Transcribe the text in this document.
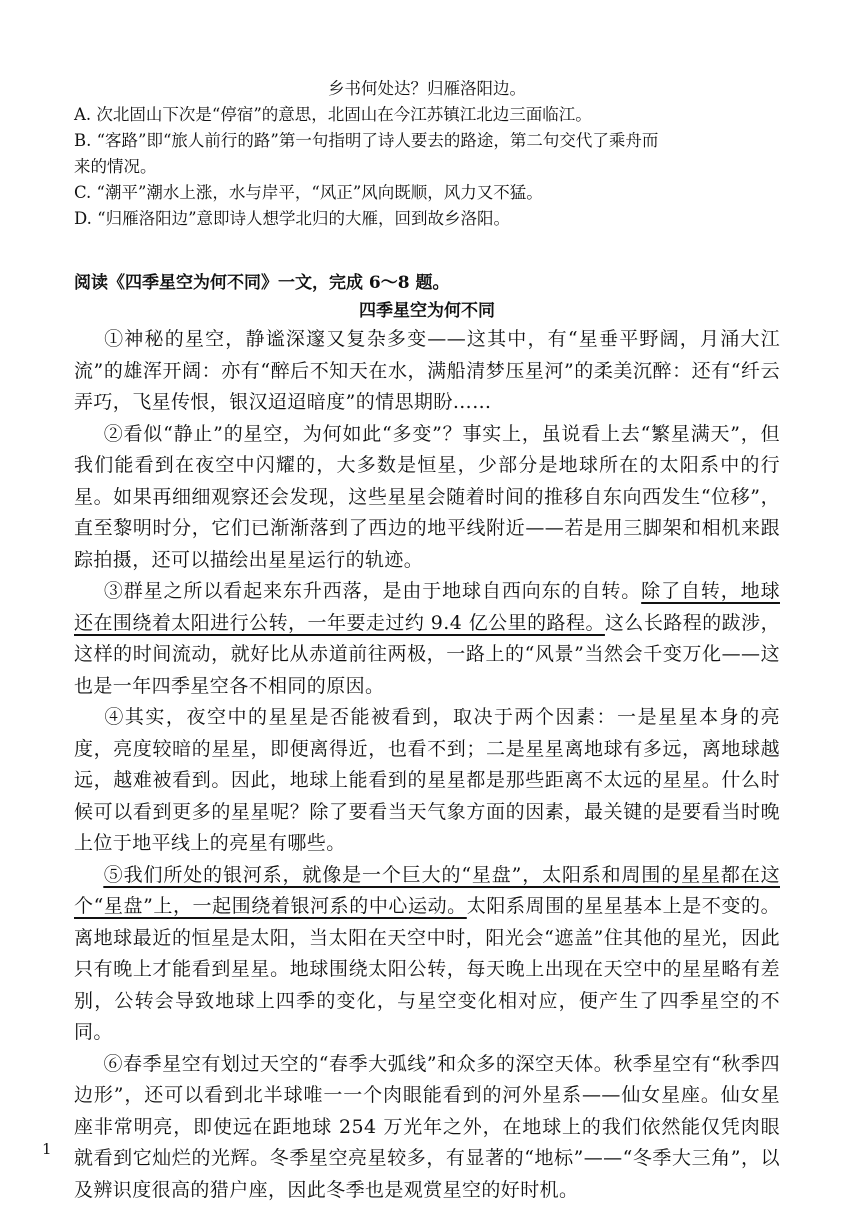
乡书何处达？归雁洛阳边。
A. 次北固山下次是“停宿”的意思，北固山在今江苏镇江北边三面临江。
B. “客路”即“旅人前行的路”第一句指明了诗人要去的路途，第二句交代了乘舟而
来的情况。
C. “潮平”潮水上涨，水与岸平，“风正”风向既顺，风力又不猛。
D. “归雁洛阳边”意即诗人想学北归的大雁，回到故乡洛阳。
阅读《四季星空为何不同》一文，完成 6～8 题。
四季星空为何不同

  ①神秘的星空，静谧深邃又复杂多变——这其中，有“星垂平野阔，月涌大江流”的雄浑开阔：亦有“醉后不知天在水，满船清梦压星河”的柔美沉醉：还有“纤云弄巧，飞星传恨，银汉迢迢暗度”的情思期盼……

  ②看似“静止”的星空，为何如此“多变”？事实上，虽说看上去“繁星满天”，但我们能看到在夜空中闪耀的，大多数是恒星，少部分是地球所在的太阳系中的行星。如果再细细观察还会发现，这些星星会随着时间的推移自东向西发生“位移”，直至黎明时分，它们已渐渐落到了西边的地平线附近——若是用三脚架和相机来跟踪拍摄，还可以描绘出星星运行的轨迹。

  ③群星之所以看起来东升西落，是由于地球自西向东的自转。除了自转，地球还在围绕着太阳进行公转，一年要走过约 9.4 亿公里的路程。这么长路程的跋涉，这样的时间流动，就好比从赤道前往两极，一路上的“风景”当然会千变万化——这也是一年四季星空各不相同的原因。

  ④其实，夜空中的星星是否能被看到，取决于两个因素：一是星星本身的亮度，亮度较暗的星星，即便离得近，也看不到；二是星星离地球有多远，离地球越远，越难被看到。因此，地球上能看到的星星都是那些距离不太远的星星。什么时候可以看到更多的星星呢？除了要看当天气象方面的因素，最关键的是要看当时晚上位于地平线上的亮星有哪些。

  ⑤我们所处的银河系，就像是一个巨大的“星盘”，太阳系和周围的星星都在这个“星盘”上，一起围绕着银河系的中心运动。太阳系周围的星星基本上是不变的。离地球最近的恒星是太阳，当太阳在天空中时，阳光会“遮盖”住其他的星光，因此只有晚上才能看到星星。地球围绕太阳公转，每天晚上出现在天空中的星星略有差别，公转会导致地球上四季的变化，与星空变化相对应，便产生了四季星空的不同。

  ⑥春季星空有划过天空的“春季大弧线”和众多的深空天体。秋季星空有“秋季四边形”，还可以看到北半球唯一一个肉眼能看到的河外星系——仙女星座。仙女星座非常明亮，即使远在距地球 254 万光年之外，在地球上的我们依然能仅凭肉眼就看到它灿烂的光辉。冬季星空亮星较多，有显著的“地标”——“冬季大三角”，以及辨识度很高的猎户座，因此冬季也是观赏星空的好时机。

1
